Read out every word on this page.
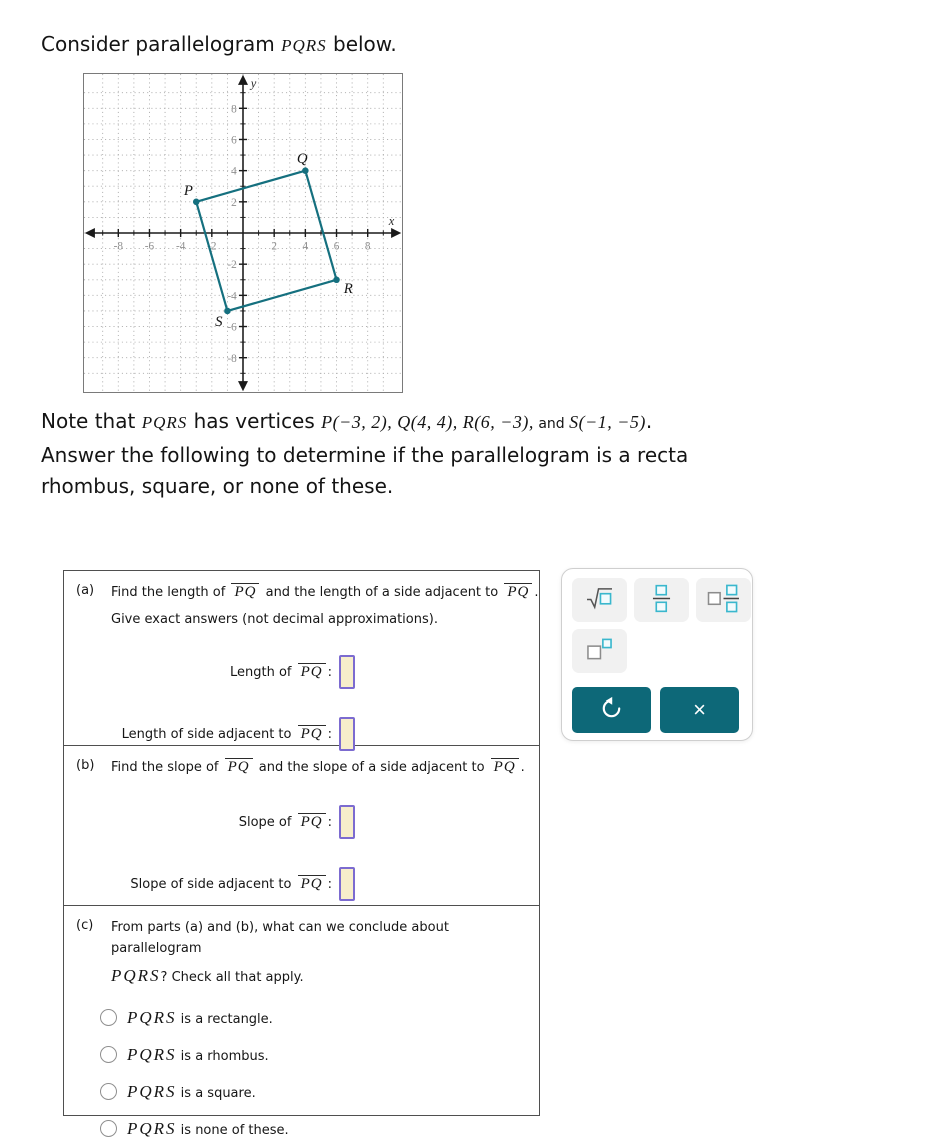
Consider parallelogram PQRS below.
Note that PQRS has vertices P(−3, 2), Q(4, 4), R(6, −3), and S(−1, −5).
Answer the following to determine if the parallelogram is a recta
rhombus, square, or none of these.
(a)	Find the length of PQ and the length of a side adjacent to PQ .

Give exact answers (not decimal approximations).

Length of PQ :
Length of side adjacent to PQ :
(b)	Find the slope of PQ and the slope of a side adjacent to PQ .

Slope of PQ :
Slope of side adjacent to PQ :
(c)	From parts (a) and (b), what can we conclude about parallelogram

PQRS? Check all that apply.

PQRS is a rectangle.
PQRS is a rhombus.
PQRS is a square.
PQRS is none of these.
×
